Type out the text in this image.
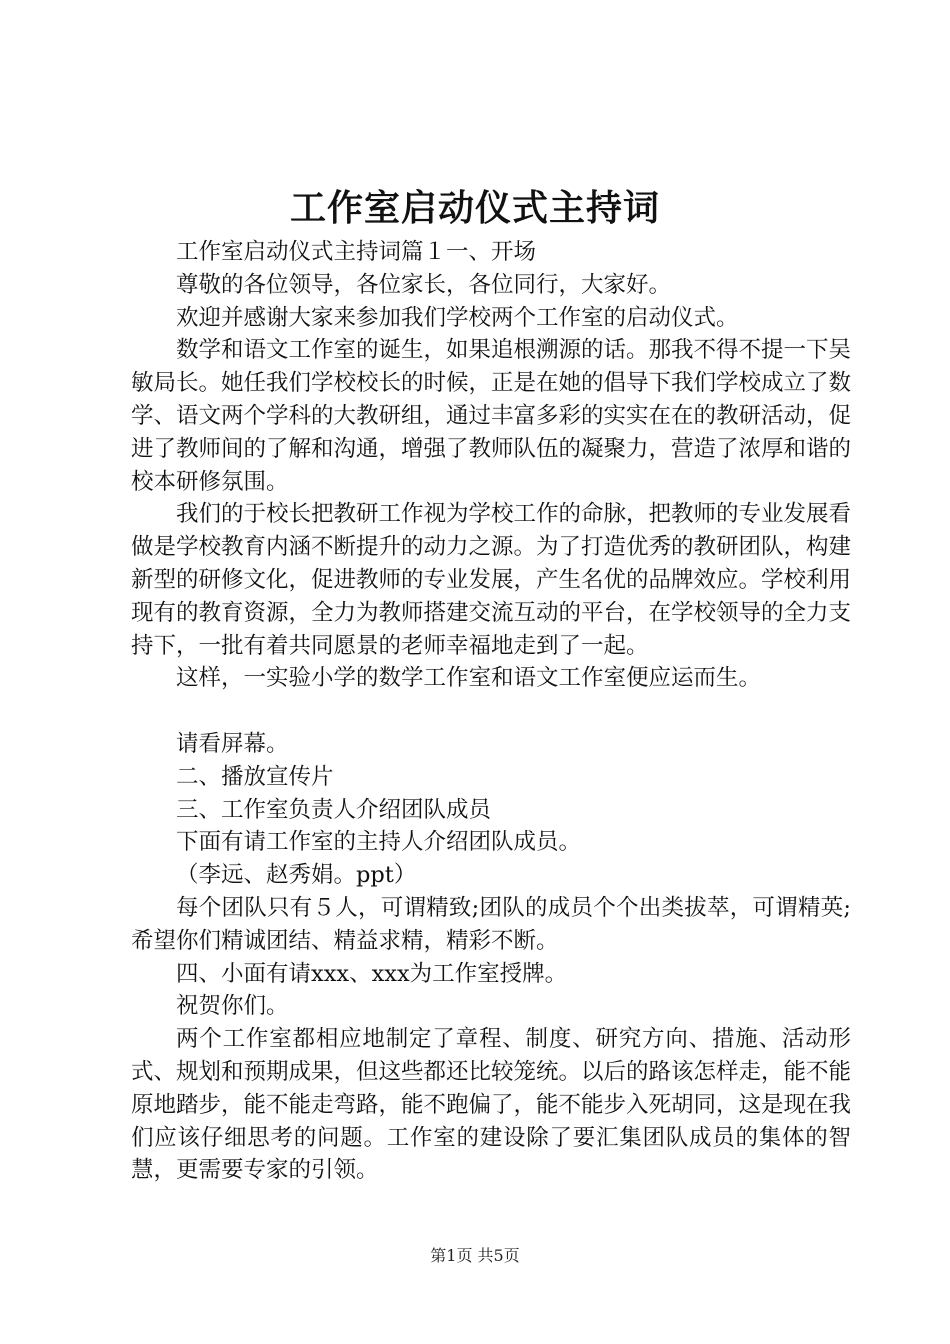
工作室启动仪式主持词

工作室启动仪式主持词篇１一、开场

尊敬的各位领导，各位家长，各位同行，大家好。

欢迎并感谢大家来参加我们学校两个工作室的启动仪式。

数学和语文工作室的诞生，如果追根溯源的话。那我不得不提一下吴敏局长。她任我们学校校长的时候，正是在她的倡导下我们学校成立了数学、语文两个学科的大教研组，通过丰富多彩的实实在在的教研活动，促进了教师间的了解和沟通，增强了教师队伍的凝聚力，营造了浓厚和谐的校本研修氛围。

我们的于校长把教研工作视为学校工作的命脉，把教师的专业发展看做是学校教育内涵不断提升的动力之源。为了打造优秀的教研团队，构建新型的研修文化，促进教师的专业发展，产生名优的品牌效应。学校利用现有的教育资源，全力为教师搭建交流互动的平台，在学校领导的全力支持下，一批有着共同愿景的老师幸福地走到了一起。

这样，一实验小学的数学工作室和语文工作室便应运而生。

请看屏幕。

二、播放宣传片

三、工作室负责人介绍团队成员

下面有请工作室的主持人介绍团队成员。

（李远、赵秀娟。ppt）

每个团队只有５人，可谓精致;团队的成员个个出类拔萃，可谓精英;希望你们精诚团结、精益求精，精彩不断。

四、小面有请xxx、xxx为工作室授牌。

祝贺你们。

两个工作室都相应地制定了章程、制度、研究方向、措施、活动形式、规划和预期成果，但这些都还比较笼统。以后的路该怎样走，能不能原地踏步，能不能走弯路，能不跑偏了，能不能步入死胡同，这是现在我们应该仔细思考的问题。工作室的建设除了要汇集团队成员的集体的智慧，更需要专家的引领。

第1页 共5页
